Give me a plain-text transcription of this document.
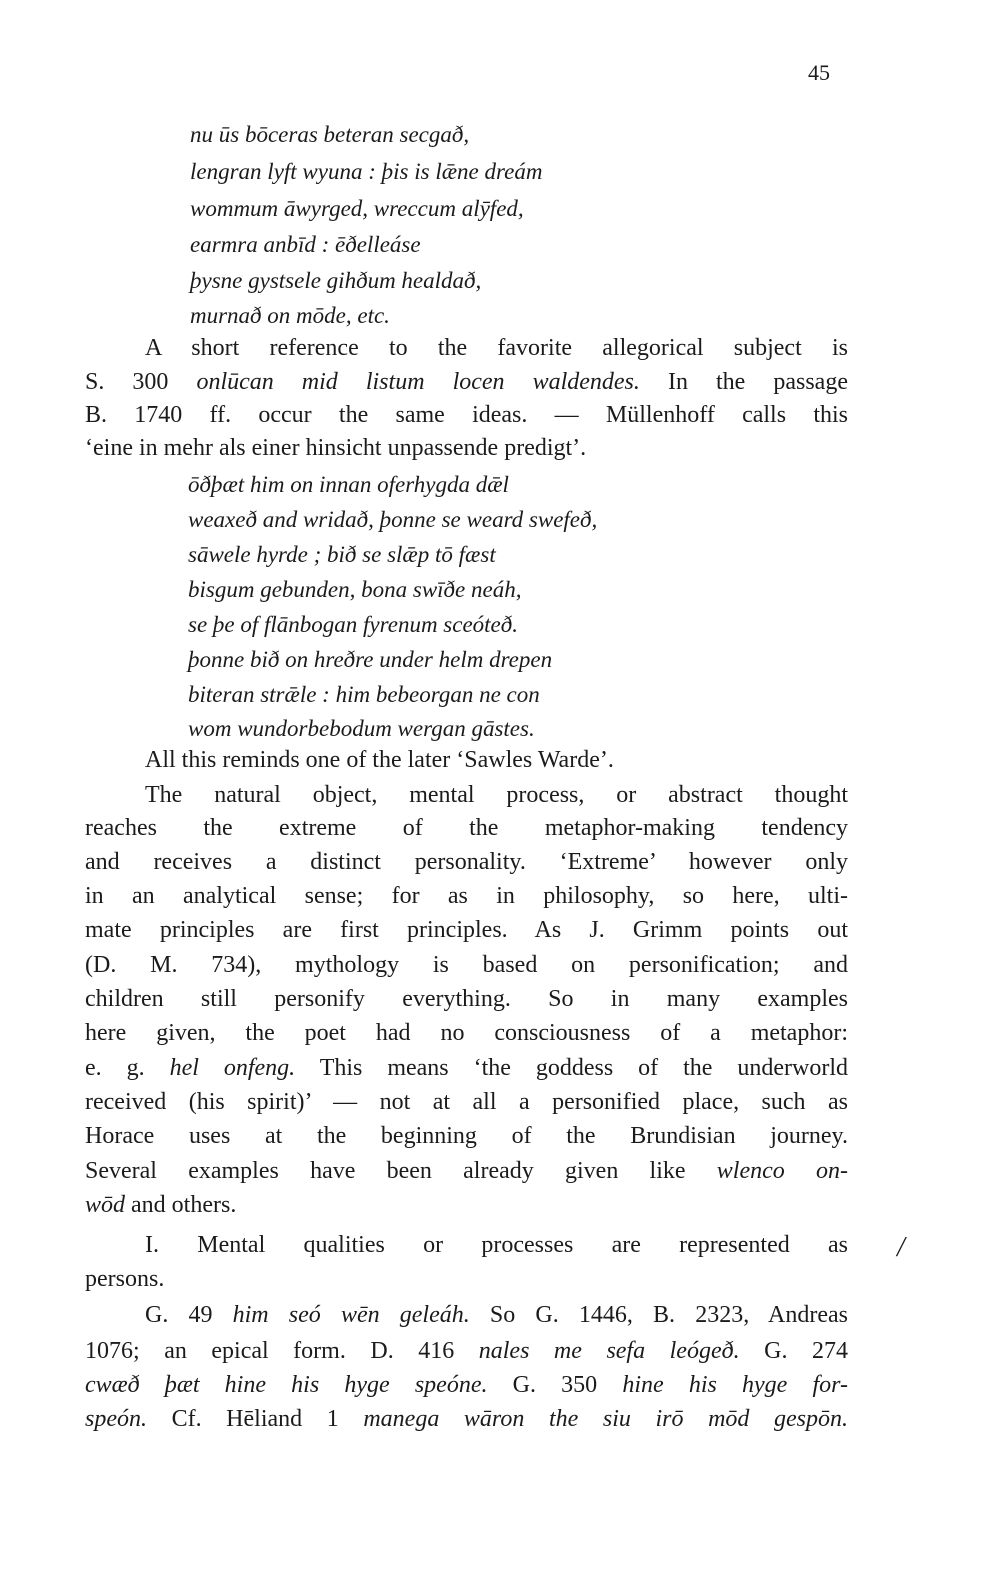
45
nu ūs bōceras beteran secgað,
lengran lyft wyuna : þis is lǣne dreám
wommum āwyrged, wreccum alȳfed,
earmra anbīd : ēðelleáse
þysne gystsele gihðum healdað,
murnað on mōde, etc.
A short reference to the favorite allegorical subject is
S. 300 onlūcan mid listum locen waldendes. In the passage
B. 1740 ff. occur the same ideas. — Müllenhoff calls this
‘eine in mehr als einer hinsicht unpassende predigt’.
ōðþæt him on innan oferhygda dǣl
weaxeð and wridað, þonne se weard swefeð,
sāwele hyrde ; bið se slǣp tō fæst
bisgum gebunden, bona swīðe neáh,
se þe of flānbogan fyrenum sceóteð.
þonne bið on hreðre under helm drepen
biteran strǣle : him bebeorgan ne con
wom wundorbebodum wergan gāstes.
All this reminds one of the later ‘Sawles Warde’.
The natural object, mental process, or abstract thought
reaches the extreme of the metaphor-making tendency
and receives a distinct personality. ‘Extreme’ however only
in an analytical sense; for as in philosophy, so here, ulti-
mate principles are first principles. As J. Grimm points out
(D. M. 734), mythology is based on personification; and
children still personify everything. So in many examples
here given, the poet had no consciousness of a metaphor:
e. g. hel onfeng. This means ‘the goddess of the underworld
received (his spirit)’ — not at all a personified place, such as
Horace uses at the beginning of the Brundisian journey.
Several examples have been already given like wlenco on-
wōd and others.
I. Mental qualities or processes are represented as
persons.
G. 49 him seó wēn geleáh. So G. 1446, B. 2323, Andreas
1076; an epical form. D. 416 nales me sefa leógeð. G. 274
cwæð þæt hine his hyge speóne. G. 350 hine his hyge for-
speón. Cf. Hēliand 1 manega wāron the siu irō mōd gespōn.
/
